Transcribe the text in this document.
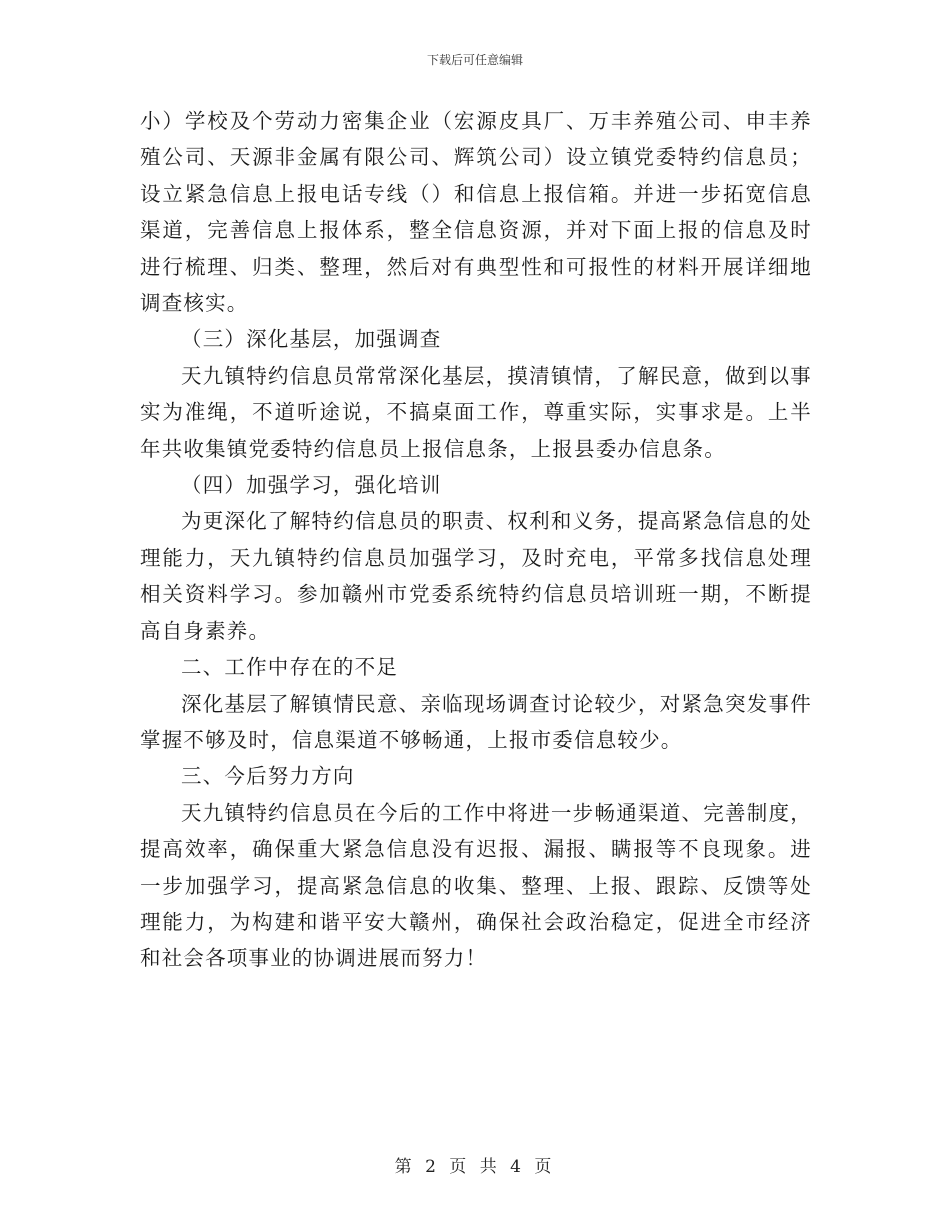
下载后可任意编辑

小）学校及个劳动力密集企业（宏源皮具厂、万丰养殖公司、申丰养殖公司、天源非金属有限公司、辉筑公司）设立镇党委特约信息员；设立紧急信息上报电话专线（）和信息上报信箱。并进一步拓宽信息渠道，完善信息上报体系，整全信息资源，并对下面上报的信息及时进行梳理、归类、整理，然后对有典型性和可报性的材料开展详细地调查核实。

（三）深化基层，加强调查

天九镇特约信息员常常深化基层，摸清镇情，了解民意，做到以事实为准绳，不道听途说，不搞桌面工作，尊重实际，实事求是。上半年共收集镇党委特约信息员上报信息条，上报县委办信息条。

（四）加强学习，强化培训

为更深化了解特约信息员的职责、权利和义务，提高紧急信息的处理能力，天九镇特约信息员加强学习，及时充电，平常多找信息处理相关资料学习。参加赣州市党委系统特约信息员培训班一期，不断提高自身素养。

二、工作中存在的不足

深化基层了解镇情民意、亲临现场调查讨论较少，对紧急突发事件掌握不够及时，信息渠道不够畅通，上报市委信息较少。

三、今后努力方向

天九镇特约信息员在今后的工作中将进一步畅通渠道、完善制度，提高效率，确保重大紧急信息没有迟报、漏报、瞒报等不良现象。进一步加强学习，提高紧急信息的收集、整理、上报、跟踪、反馈等处理能力，为构建和谐平安大赣州，确保社会政治稳定，促进全市经济和社会各项事业的协调进展而努力！

第 2 页 共 4 页
